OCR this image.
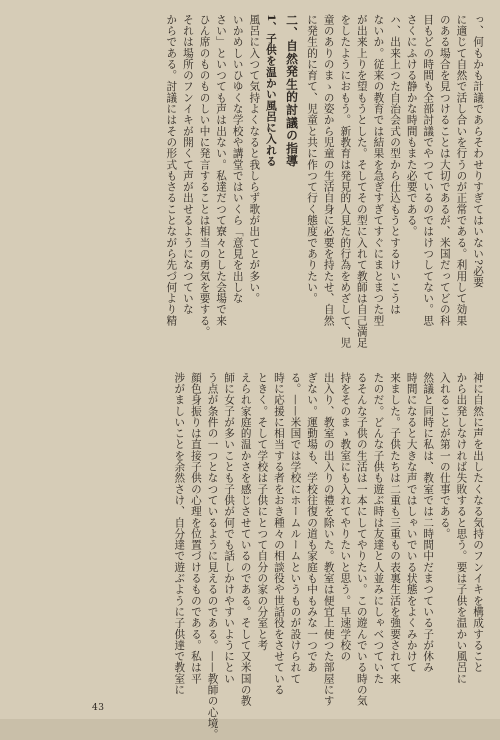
っ、何もかも計議であらそわせりすぎてはいない?必要
に適じて自然で活し合いを行うのが正常である。利用して効果
のある場合を見つけることは大切であるが、米国だってどの科
目もどの時間も全部討議でやつているのではけつしてない。思
さくにふける静かな時間もまた必要である。
ハ、出来上つた自治会式の型から仕込もうとするけいこうは
ないか。従来の教育では結果を急ぎすぎてすぐにまとまつた型
が出来上りを望もうとした。そしてその型に入れて教師は自己満足
をしたようにおもう。新教育は発見的人見た的行為をめざして、児
童のありのまゝの姿から児童の生活自身に必要を持たせ、自然
に発生的に育て、児童と共に作つて行く態度でありたい。
二、自然発生的討議の指導
1、子供を温かい風呂に入れる
風呂に入つて気持よくなると我しらず歌が出てとが多い。
いかめしいひゆくな学校や講堂ではいくら「意見を出しな
さい」といつても声は出ない。私達だつて寮々とした会場で来
ひん席のものものしい中に発言することは相当の勇気を要する。
それは場所のフンイキが開くて声が出せるようになつていな
からである。討議にはその形式もさることながら先づ何より精
神に自然に声を出したくなる気持のフンイキを構成すること
から出発しなければ失敗すると思う。要は子供を温かい風呂に
入れることが第一の仕事である。
然議と同時に私は、教室では二時間中だまつている子が休み
時間になると大きな声ではしゃいでいる状態をよくみかけて
来ました。子供たちは二重も三重もの表裏生活を強要されて来
たのだ。どんな子供も遊ぶ時は友達と人並みにしゃべつていた
るそんな子供の生活は一本にしてやりたい。この遊んでいる時の気
持をそのまゝ教室にも入れてやりたいと思う。早速学校の
出入り、教室の出入りの禮を除いた。教室は便宜上使つた部屋にす
ぎない。運動場も、学校往復の道も家庭も中もみな一つであ
る。——米国では学校にホームルームというものが設けられて
時に応援に相当する者をおき種々の相談役や世話役をさせている
ときく。そして学校は子供にとつて自分の家の分室と考
えられ家庭的温かさを感じさせているのである。そして又米国の教
師に女子が多いことも子供が何でも話しかけやすいようにとい
う点が条件の一つとなつているように見えるのである。——教師の心境。
顔色身振りは直接子供の心理を位置づけるものである。私は平
涉がましいことを余然さけ、自分達で遊ぶように子供達で教室に
43
